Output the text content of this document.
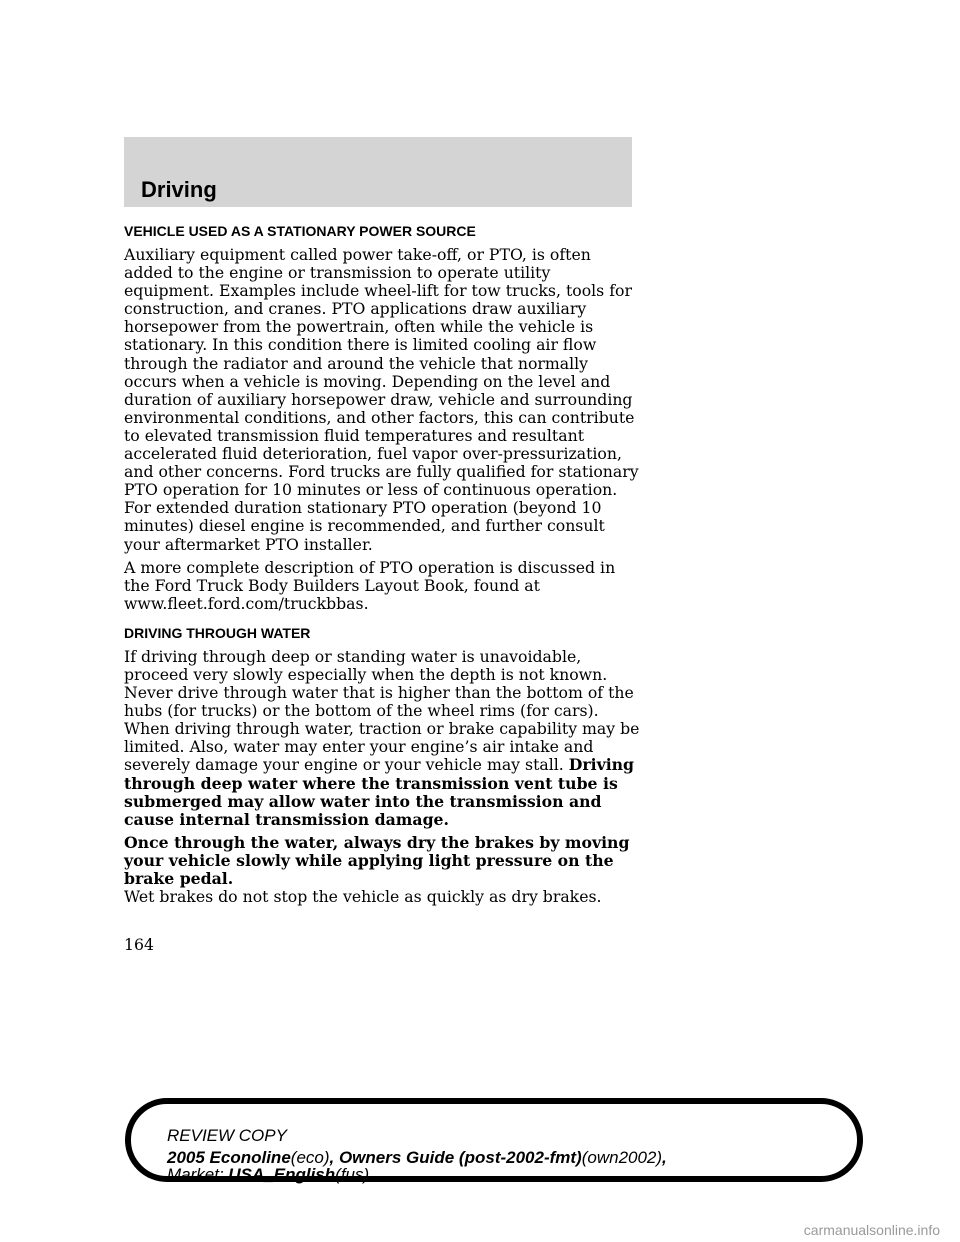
Driving
VEHICLE USED AS A STATIONARY POWER SOURCE

Auxiliary equipment called power take-off, or PTO, is often added to the engine or transmission to operate utility equipment. Examples include wheel-lift for tow trucks, tools for construction, and cranes. PTO applications draw auxiliary horsepower from the powertrain, often while the vehicle is stationary. In this condition there is limited cooling air flow through the radiator and around the vehicle that normally occurs when a vehicle is moving. Depending on the level and duration of auxiliary horsepower draw, vehicle and surrounding environmental conditions, and other factors, this can contribute to elevated transmission fluid temperatures and resultant accelerated fluid deterioration, fuel vapor over-pressurization, and other concerns. Ford trucks are fully qualified for stationary PTO operation for 10 minutes or less of continuous operation. For extended duration stationary PTO operation (beyond 10 minutes) diesel engine is recommended, and further consult your aftermarket PTO installer.

A more complete description of PTO operation is discussed in the Ford Truck Body Builders Layout Book, found at www.fleet.ford.com/truckbbas.

DRIVING THROUGH WATER

If driving through deep or standing water is unavoidable, proceed very slowly especially when the depth is not known. Never drive through water that is higher than the bottom of the hubs (for trucks) or the bottom of the wheel rims (for cars). When driving through water, traction or brake capability may be limited. Also, water may enter your engine’s air intake and severely damage your engine or your vehicle may stall. Driving through deep water where the transmission vent tube is submerged may allow water into the transmission and cause internal transmission damage.

Once through the water, always dry the brakes by moving your vehicle slowly while applying light pressure on the brake pedal.
Wet brakes do not stop the vehicle as quickly as dry brakes.

164
REVIEW COPY
2005 Econoline(eco), Owners Guide (post-2002-fmt)(own2002),
Market: USA_English(fus)
carmanualsonline.info
